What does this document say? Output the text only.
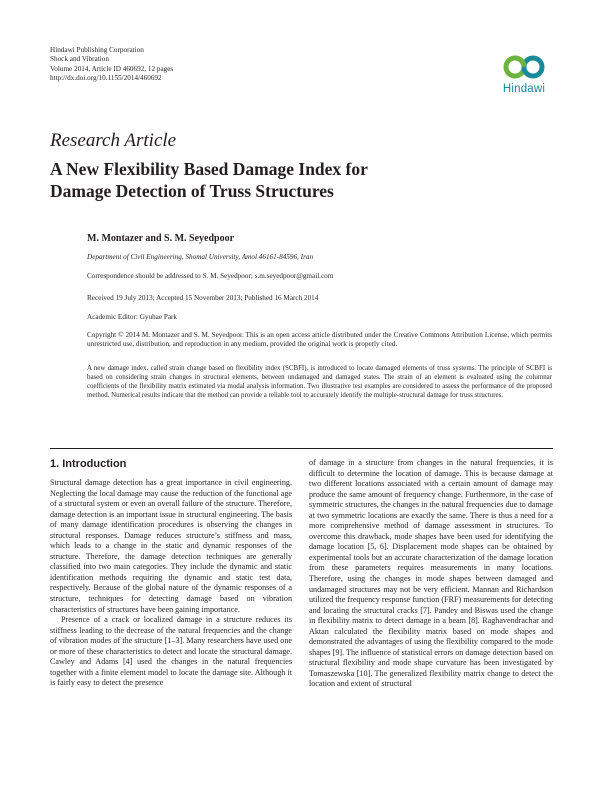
Hindawi Publishing Corporation
Shock and Vibration
Volume 2014, Article ID 460692, 12 pages
http://dx.doi.org/10.1155/2014/460692
Hindawi
Research Article
A New Flexibility Based Damage Index for
Damage Detection of Truss Structures
M. Montazer and S. M. Seyedpoor
Department of Civil Engineering, Shomal University, Amol 46161-84596, Iran
Correspondence should be addressed to S. M. Seyedpoor; s.m.seyedpoor@gmail.com
Received 19 July 2013; Accepted 15 November 2013; Published 16 March 2014
Academic Editor: Gyuhae Park
Copyright © 2014 M. Montazer and S. M. Seyedpoor. This is an open access article distributed under the Creative Commons Attribution License, which permits unrestricted use, distribution, and reproduction in any medium, provided the original work is properly cited.
A new damage index, called strain change based on flexibility index (SCBFI), is introduced to locate damaged elements of truss systems. The principle of SCBFI is based on considering strain changes in structural elements, between undamaged and damaged states. The strain of an element is evaluated using the columnar coefficients of the flexibility matrix estimated via modal analysis information. Two illustrative test examples are considered to assess the performance of the proposed method. Numerical results indicate that the method can provide a reliable tool to accurately identify the multiple-structural damage for truss structures.
1. Introduction

Structural damage detection has a great importance in civil engineering. Neglecting the local damage may cause the reduction of the functional age of a structural system or even an overall failure of the structure. Therefore, damage detection is an important issue in structural engineering. The basis of many damage identification procedures is observing the changes in structural responses. Damage reduces structure’s stiffness and mass, which leads to a change in the static and dynamic responses of the structure. Therefore, the damage detection techniques are generally classified into two main categories. They include the dynamic and static identification methods requiring the dynamic and static test data, respectively. Because of the global nature of the dynamic responses of a structure, techniques for detecting damage based on vibration characteristics of structures have been gaining importance.

Presence of a crack or localized damage in a structure reduces its stiffness leading to the decrease of the natural frequencies and the change of vibration modes of the structure [1–3]. Many researchers have used one or more of these characteristics to detect and locate the structural damage. Cawley and Adams [4] used the changes in the natural frequencies together with a finite element model to locate the damage site. Although it is fairly easy to detect the presence

of damage in a structure from changes in the natural frequencies, it is difficult to determine the location of damage. This is because damage at two different locations associated with a certain amount of damage may produce the same amount of frequency change. Furthermore, in the case of symmetric structures, the changes in the natural frequencies due to damage at two symmetric locations are exactly the same. There is thus a need for a more comprehensive method of damage assessment in structures. To overcome this drawback, mode shapes have been used for identifying the damage location [5, 6]. Displacement mode shapes can be obtained by experimental tools but an accurate characterization of the damage location from these parameters requires measurements in many locations. Therefore, using the changes in mode shapes between damaged and undamaged structures may not be very efficient. Mannan and Richardson utilized the frequency response function (FRF) measurements for detecting and locating the structural cracks [7]. Pandey and Biswas used the change in flexibility matrix to detect damage in a beam [8]. Raghavendrachar and Aktan calculated the flexibility matrix based on mode shapes and demonstrated the advantages of using the flexibility compared to the mode shapes [9]. The influence of statistical errors on damage detection based on structural flexibility and mode shape curvature has been investigated by Tomaszewska [10]. The generalized flexibility matrix change to detect the location and extent of structural
